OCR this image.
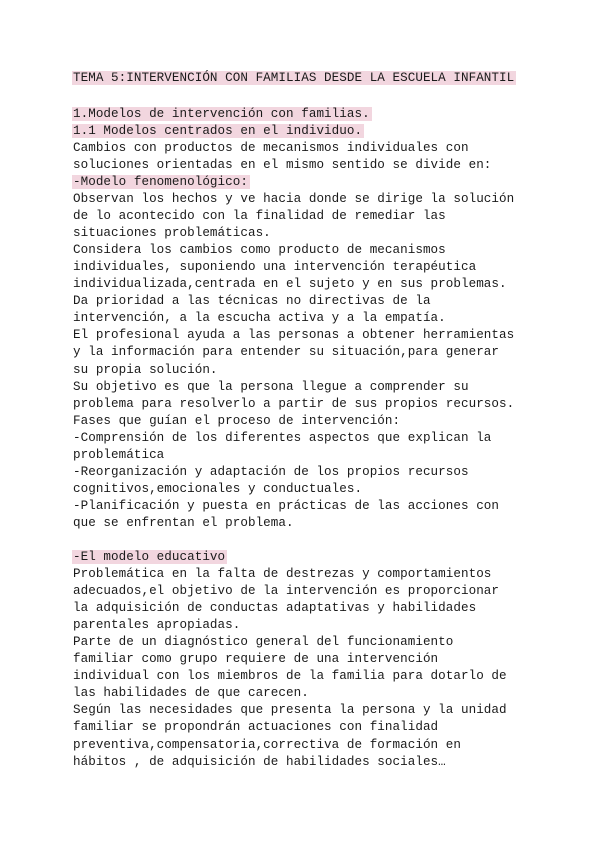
TEMA 5:INTERVENCIÓN CON FAMILIAS DESDE LA ESCUELA INFANTIL
1.Modelos de intervención con familias.
1.1 Modelos centrados en el individuo.
Cambios con productos de mecanismos individuales con
soluciones orientadas en el mismo sentido se divide en:
-Modelo fenomenológico:
Observan los hechos y ve hacia donde se dirige la solución
de lo acontecido con la finalidad de remediar las
situaciones problemáticas.
Considera los cambios como producto de mecanismos
individuales, suponiendo una intervención terapéutica
individualizada,centrada en el sujeto y en sus problemas.
Da prioridad a las técnicas no directivas de la
intervención, a la escucha activa y a la empatía.
El profesional ayuda a las personas a obtener herramientas
y la información para entender su situación,para generar
su propia solución.
Su objetivo es que la persona llegue a comprender su
problema para resolverlo a partir de sus propios recursos.
Fases que guían el proceso de intervención:
-Comprensión de los diferentes aspectos que explican la
problemática
-Reorganización y adaptación de los propios recursos
cognitivos,emocionales y conductuales.
-Planificación y puesta en prácticas de las acciones con
que se enfrentan el problema.
-El modelo educativo
Problemática en la falta de destrezas y comportamientos
adecuados,el objetivo de la intervención es proporcionar
la adquisición de conductas adaptativas y habilidades
parentales apropiadas.
Parte de un diagnóstico general del funcionamiento
familiar como grupo requiere de una intervención
individual con los miembros de la familia para dotarlo de
las habilidades de que carecen.
Según las necesidades que presenta la persona y la unidad
familiar se propondrán actuaciones con finalidad
preventiva,compensatoria,correctiva de formación en
hábitos , de adquisición de habilidades sociales…
